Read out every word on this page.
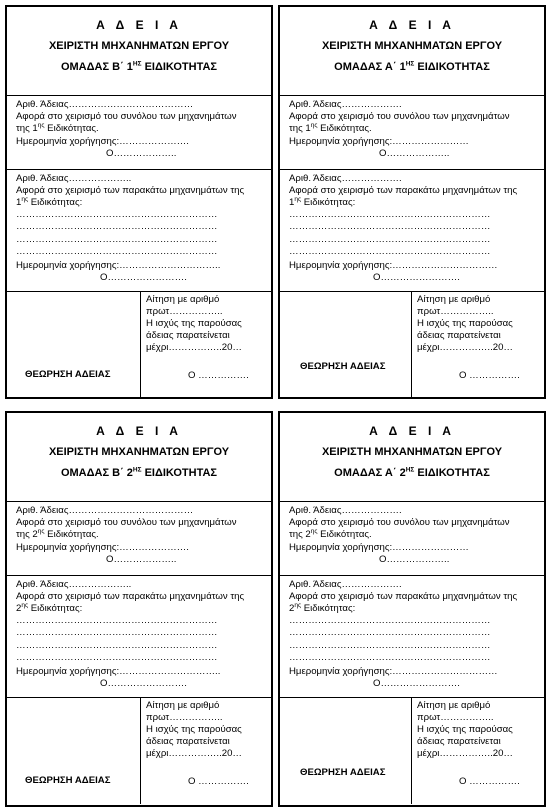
Α Δ Ε Ι Α
ΧΕΙΡΙΣΤΗ ΜΗΧΑΝΗΜΑΤΩΝ ΕΡΓΟΥ
ΟΜΑΔΑΣ Β΄ $1^{H\Sigma}$ ΕΙΔΙΚΟΤΗΤΑΣ
Αριθ. Άδειας…………………………………
Αφορά στο χειρισμό του συνόλου των μηχανημάτων
της $1^{\eta\varsigma}$ Ειδικότητας.
Ημερομηνία χορήγησης:………………….
Ο………………..
Αριθ. Άδειας………………..
Αφορά στο χειρισμό των παρακάτω μηχανημάτων της
$1^{\eta\varsigma}$ Ειδικότητας:
………………………………………………………
………………………………………………………
………………………………………………………
………………………………………………………
Ημερομηνία χορήγησης:…………………………..
Ο…………………….
ΘΕΩΡΗΣΗ ΑΔΕΙΑΣ
Αίτηση με αριθμό
πρωτ……………..
Η ισχύς της παρούσας
άδειας παρατείνεται
μέχρι……………..20…
Ο …………….
Α Δ Ε Ι Α
ΧΕΙΡΙΣΤΗ ΜΗΧΑΝΗΜΑΤΩΝ ΕΡΓΟΥ
ΟΜΑΔΑΣ Α΄ $1^{H\Sigma}$ ΕΙΔΙΚΟΤΗΤΑΣ
Αριθ. Άδειας……………….
Αφορά στο χειρισμό του συνόλου των μηχανημάτων
της $1^{\eta\varsigma}$ Ειδικότητας.
Ημερομηνία χορήγησης:……………………
Ο………………..
Αριθ. Άδειας……………….
Αφορά στο χειρισμό των παρακάτω μηχανημάτων της
$1^{\eta\varsigma}$ Ειδικότητας:
………………………………………………………
………………………………………………………
………………………………………………………
………………………………………………………
Ημερομηνία χορήγησης:……………………………
Ο…………………….
ΘΕΩΡΗΣΗ ΑΔΕΙΑΣ
Αίτηση με αριθμό
πρωτ……………..
Η ισχύς της παρούσας
άδειας παρατείνεται
μέχρι……………..20…
Ο …………….
Α Δ Ε Ι Α
ΧΕΙΡΙΣΤΗ ΜΗΧΑΝΗΜΑΤΩΝ ΕΡΓΟΥ
ΟΜΑΔΑΣ Β΄ $2^{H\Sigma}$ ΕΙΔΙΚΟΤΗΤΑΣ
Αριθ. Άδειας…………………………………
Αφορά στο χειρισμό του συνόλου των μηχανημάτων
της $2^{\eta\varsigma}$ Ειδικότητας.
Ημερομηνία χορήγησης:………………….
Ο………………..
Αριθ. Άδειας………………..
Αφορά στο χειρισμό των παρακάτω μηχανημάτων της
$2^{\eta\varsigma}$ Ειδικότητας:
………………………………………………………
………………………………………………………
………………………………………………………
………………………………………………………
Ημερομηνία χορήγησης:…………………………..
Ο…………………….
ΘΕΩΡΗΣΗ ΑΔΕΙΑΣ
Αίτηση με αριθμό
πρωτ……………..
Η ισχύς της παρούσας
άδειας παρατείνεται
μέχρι……………..20…
Ο …………….
Α Δ Ε Ι Α
ΧΕΙΡΙΣΤΗ ΜΗΧΑΝΗΜΑΤΩΝ ΕΡΓΟΥ
ΟΜΑΔΑΣ Α΄ $2^{H\Sigma}$ ΕΙΔΙΚΟΤΗΤΑΣ
Αριθ. Άδειας……………….
Αφορά στο χειρισμό του συνόλου των μηχανημάτων
της $2^{\eta\varsigma}$ Ειδικότητας.
Ημερομηνία χορήγησης:……………………
Ο………………..
Αριθ. Άδειας……………….
Αφορά στο χειρισμό των παρακάτω μηχανημάτων της
$2^{\eta\varsigma}$ Ειδικότητας:
………………………………………………………
………………………………………………………
………………………………………………………
………………………………………………………
Ημερομηνία χορήγησης:……………………………
Ο…………………….
ΘΕΩΡΗΣΗ ΑΔΕΙΑΣ
Αίτηση με αριθμό
πρωτ……………..
Η ισχύς της παρούσας
άδειας παρατείνεται
μέχρι……………..20…
Ο …………….
